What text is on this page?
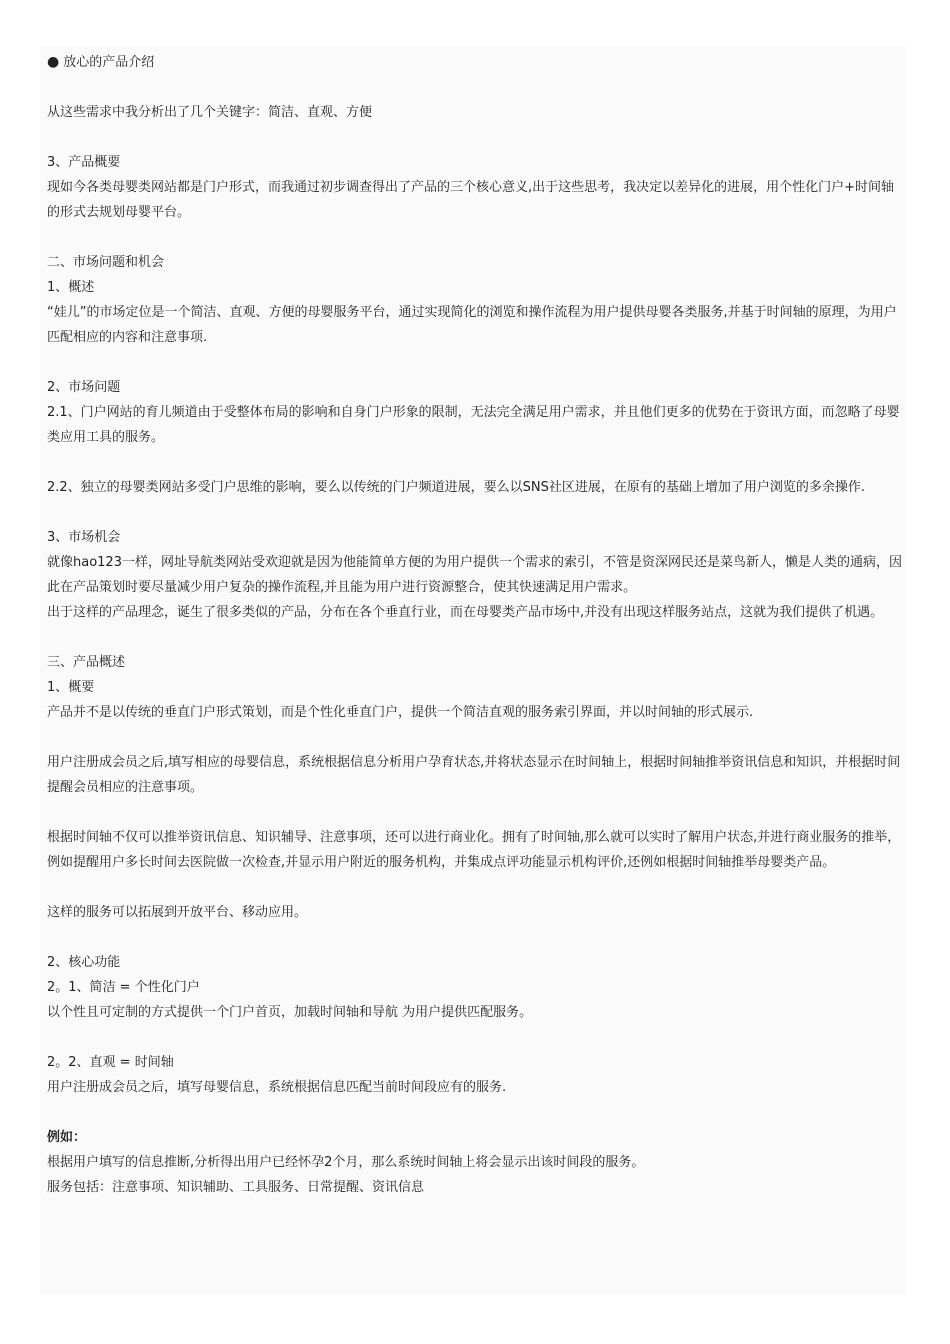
● 放心的产品介绍

从这些需求中我分析出了几个关键字：简洁、直观、方便

3、产品概要

现如今各类母婴类网站都是门户形式，而我通过初步调查得出了产品的三个核心意义,出于这些思考，我决定以差异化的进展，用个性化门户+时间轴的形式去规划母婴平台。

二、市场问题和机会

1、概述

“娃儿”的市场定位是一个简洁、直观、方便的母婴服务平台，通过实现简化的浏览和操作流程为用户提供母婴各类服务,并基于时间轴的原理，为用户匹配相应的内容和注意事项.

2、市场问题

2.1、门户网站的育儿频道由于受整体布局的影响和自身门户形象的限制，无法完全满足用户需求，并且他们更多的优势在于资讯方面，而忽略了母婴类应用工具的服务。

2.2、独立的母婴类网站多受门户思维的影响，要么以传统的门户频道进展，要么以SNS社区进展，在原有的基础上增加了用户浏览的多余操作.

3、市场机会

就像hao123一样，网址导航类网站受欢迎就是因为他能简单方便的为用户提供一个需求的索引，不管是资深网民还是菜鸟新人，懒是人类的通病，因此在产品策划时要尽量减少用户复杂的操作流程,并且能为用户进行资源整合，使其快速满足用户需求。

出于这样的产品理念，诞生了很多类似的产品，分布在各个垂直行业，而在母婴类产品市场中,并没有出现这样服务站点，这就为我们提供了机遇。

三、产品概述

1、概要

产品并不是以传统的垂直门户形式策划，而是个性化垂直门户，提供一个简洁直观的服务索引界面，并以时间轴的形式展示.

用户注册成会员之后,填写相应的母婴信息，系统根据信息分析用户孕育状态,并将状态显示在时间轴上，根据时间轴推举资讯信息和知识，并根据时间提醒会员相应的注意事项。

根据时间轴不仅可以推举资讯信息、知识辅导、注意事项，还可以进行商业化。拥有了时间轴,那么就可以实时了解用户状态,并进行商业服务的推举，例如提醒用户多长时间去医院做一次检查,并显示用户附近的服务机构，并集成点评功能显示机构评价,还例如根据时间轴推举母婴类产品。

这样的服务可以拓展到开放平台、移动应用。

2、核心功能

2。1、简洁 = 个性化门户

以个性且可定制的方式提供一个门户首页，加载时间轴和导航 为用户提供匹配服务。

2。2、直观 = 时间轴

用户注册成会员之后，填写母婴信息，系统根据信息匹配当前时间段应有的服务.

例如：

根据用户填写的信息推断,分析得出用户已经怀孕2个月，那么系统时间轴上将会显示出该时间段的服务。

服务包括：注意事项、知识辅助、工具服务、日常提醒、资讯信息
